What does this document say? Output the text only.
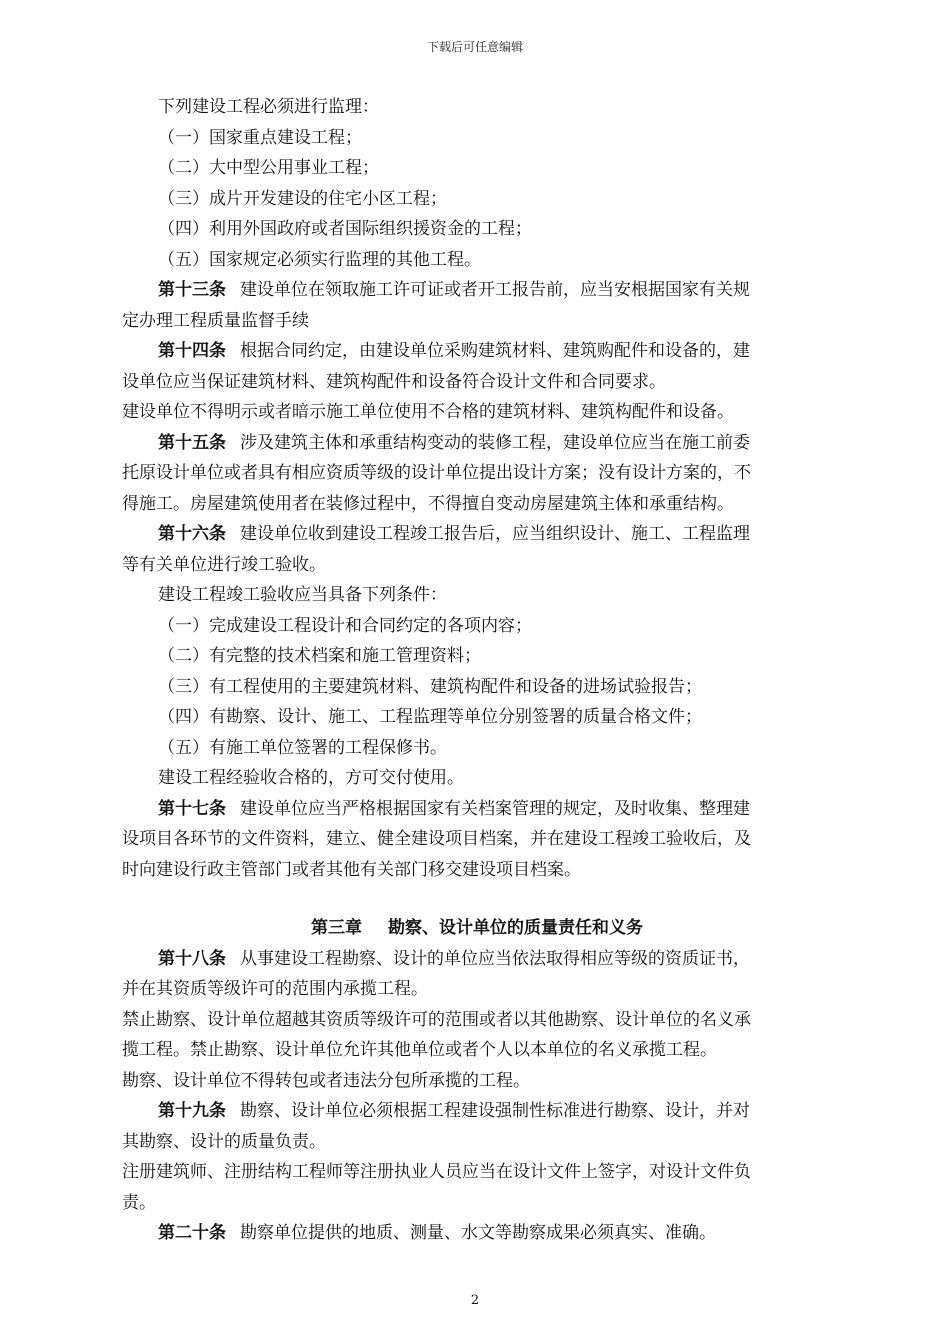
下载后可任意编辑
下列建设工程必须进行监理：
（一）国家重点建设工程；
（二）大中型公用事业工程；
（三）成片开发建设的住宅小区工程；
（四）利用外国政府或者国际组织援资金的工程；
（五）国家规定必须实行监理的其他工程。
第十三条 建设单位在领取施工许可证或者开工报告前，应当安根据国家有关规
定办理工程质量监督手续
第十四条 根据合同约定，由建设单位采购建筑材料、建筑购配件和设备的，建
设单位应当保证建筑材料、建筑构配件和设备符合设计文件和合同要求。
建设单位不得明示或者暗示施工单位使用不合格的建筑材料、建筑构配件和设备。
第十五条 涉及建筑主体和承重结构变动的装修工程，建设单位应当在施工前委
托原设计单位或者具有相应资质等级的设计单位提出设计方案；没有设计方案的，不
得施工。房屋建筑使用者在装修过程中，不得擅自变动房屋建筑主体和承重结构。
第十六条 建设单位收到建设工程竣工报告后，应当组织设计、施工、工程监理
等有关单位进行竣工验收。
建设工程竣工验收应当具备下列条件：
（一）完成建设工程设计和合同约定的各项内容；
（二）有完整的技术档案和施工管理资料；
（三）有工程使用的主要建筑材料、建筑构配件和设备的进场试验报告；
（四）有勘察、设计、施工、工程监理等单位分别签署的质量合格文件；
（五）有施工单位签署的工程保修书。
建设工程经验收合格的，方可交付使用。
第十七条 建设单位应当严格根据国家有关档案管理的规定，及时收集、整理建
设项目各环节的文件资料，建立、健全建设项目档案，并在建设工程竣工验收后，及
时向建设行政主管部门或者其他有关部门移交建设项目档案。
第三章 勘察、设计单位的质量责任和义务
第十八条 从事建设工程勘察、设计的单位应当依法取得相应等级的资质证书，
并在其资质等级许可的范围内承揽工程。
禁止勘察、设计单位超越其资质等级许可的范围或者以其他勘察、设计单位的名义承
揽工程。禁止勘察、设计单位允许其他单位或者个人以本单位的名义承揽工程。
勘察、设计单位不得转包或者违法分包所承揽的工程。
第十九条 勘察、设计单位必须根据工程建设强制性标准进行勘察、设计，并对
其勘察、设计的质量负责。
注册建筑师、注册结构工程师等注册执业人员应当在设计文件上签字，对设计文件负
责。
第二十条 勘察单位提供的地质、测量、水文等勘察成果必须真实、准确。
2
